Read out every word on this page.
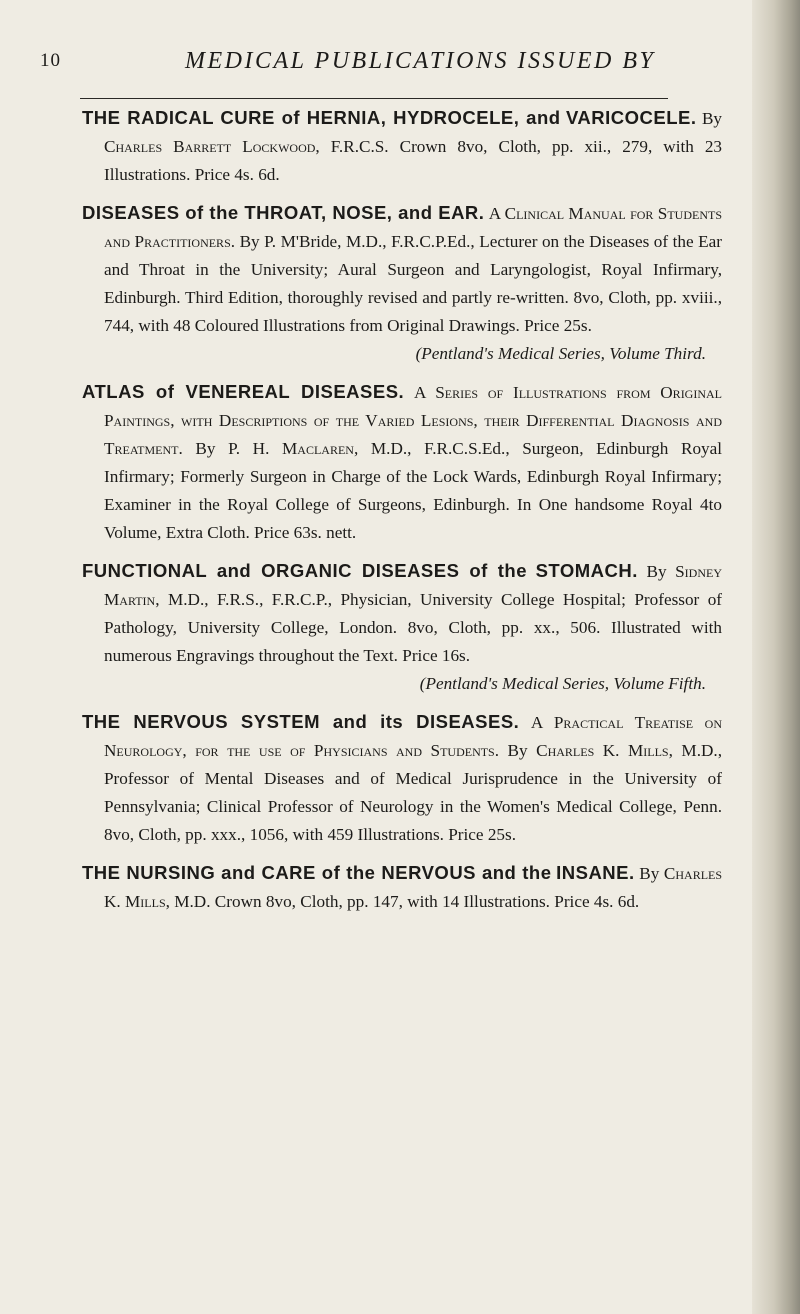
10	MEDICAL PUBLICATIONS ISSUED BY

THE RADICAL CURE of HERNIA, HYDROCELE, and VARICOCELE. By Charles Barrett Lockwood, F.R.C.S. Crown 8vo, Cloth, pp. xii., 279, with 23 Illustrations. Price 4s. 6d.

DISEASES of the THROAT, NOSE, and EAR. A Clinical Manual for Students and Practitioners. By P. M'Bride, M.D., F.R.C.P.Ed., Lecturer on the Diseases of the Ear and Throat in the University; Aural Surgeon and Laryngologist, Royal Infirmary, Edinburgh. Third Edition, thoroughly revised and partly re-written. 8vo, Cloth, pp. xviii., 744, with 48 Coloured Illustrations from Original Drawings. Price 25s.
(Pentland's Medical Series, Volume Third.

ATLAS of VENEREAL DISEASES. A Series of Illustrations from Original Paintings, with Descriptions of the Varied Lesions, their Differential Diagnosis and Treatment. By P. H. Maclaren, M.D., F.R.C.S.Ed., Surgeon, Edinburgh Royal Infirmary; Formerly Surgeon in Charge of the Lock Wards, Edinburgh Royal Infirmary; Examiner in the Royal College of Surgeons, Edinburgh. In One handsome Royal 4to Volume, Extra Cloth. Price 63s. nett.

FUNCTIONAL and ORGANIC DISEASES of the STOMACH. By Sidney Martin, M.D., F.R.S., F.R.C.P., Physician, University College Hospital; Professor of Pathology, University College, London. 8vo, Cloth, pp. xx., 506. Illustrated with numerous Engravings throughout the Text. Price 16s.
(Pentland's Medical Series, Volume Fifth.

THE NERVOUS SYSTEM and its DISEASES. A Practical Treatise on Neurology, for the use of Physicians and Students. By Charles K. Mills, M.D., Professor of Mental Diseases and of Medical Jurisprudence in the University of Pennsylvania; Clinical Professor of Neurology in the Women's Medical College, Penn. 8vo, Cloth, pp. xxx., 1056, with 459 Illustrations. Price 25s.

THE NURSING and CARE of the NERVOUS and the INSANE. By Charles K. Mills, M.D. Crown 8vo, Cloth, pp. 147, with 14 Illustrations. Price 4s. 6d.
